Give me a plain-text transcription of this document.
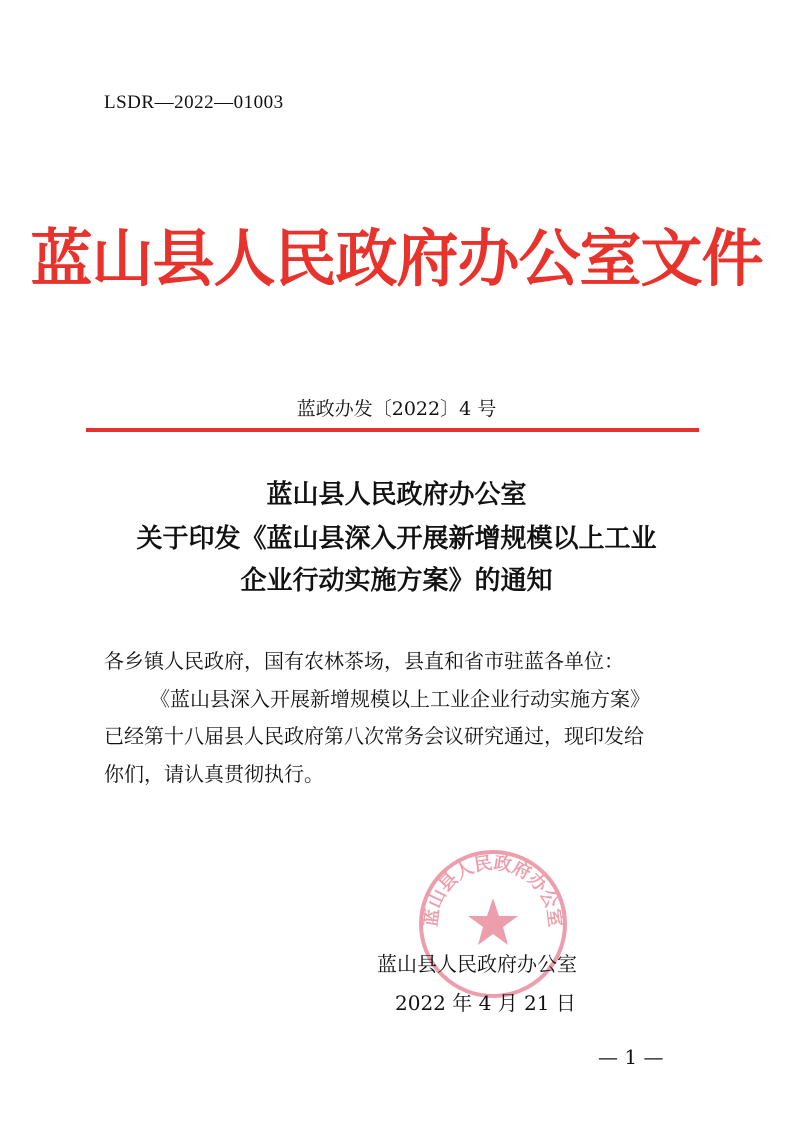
LSDR—2022—01003
蓝山县人民政府办公室文件
蓝政办发〔2022〕4 号
蓝山县人民政府办公室
关于印发《蓝山县深入开展新增规模以上工业
企业行动实施方案》的通知
各乡镇人民政府，国有农林茶场，县直和省市驻蓝各单位：
《蓝山县深入开展新增规模以上工业企业行动实施方案》
已经第十八届县人民政府第八次常务会议研究通过，现印发给
你们，请认真贯彻执行。
蓝山县人民政府办公室
蓝山县人民政府办公室
2022 年 4 月 21 日
— 1 —
